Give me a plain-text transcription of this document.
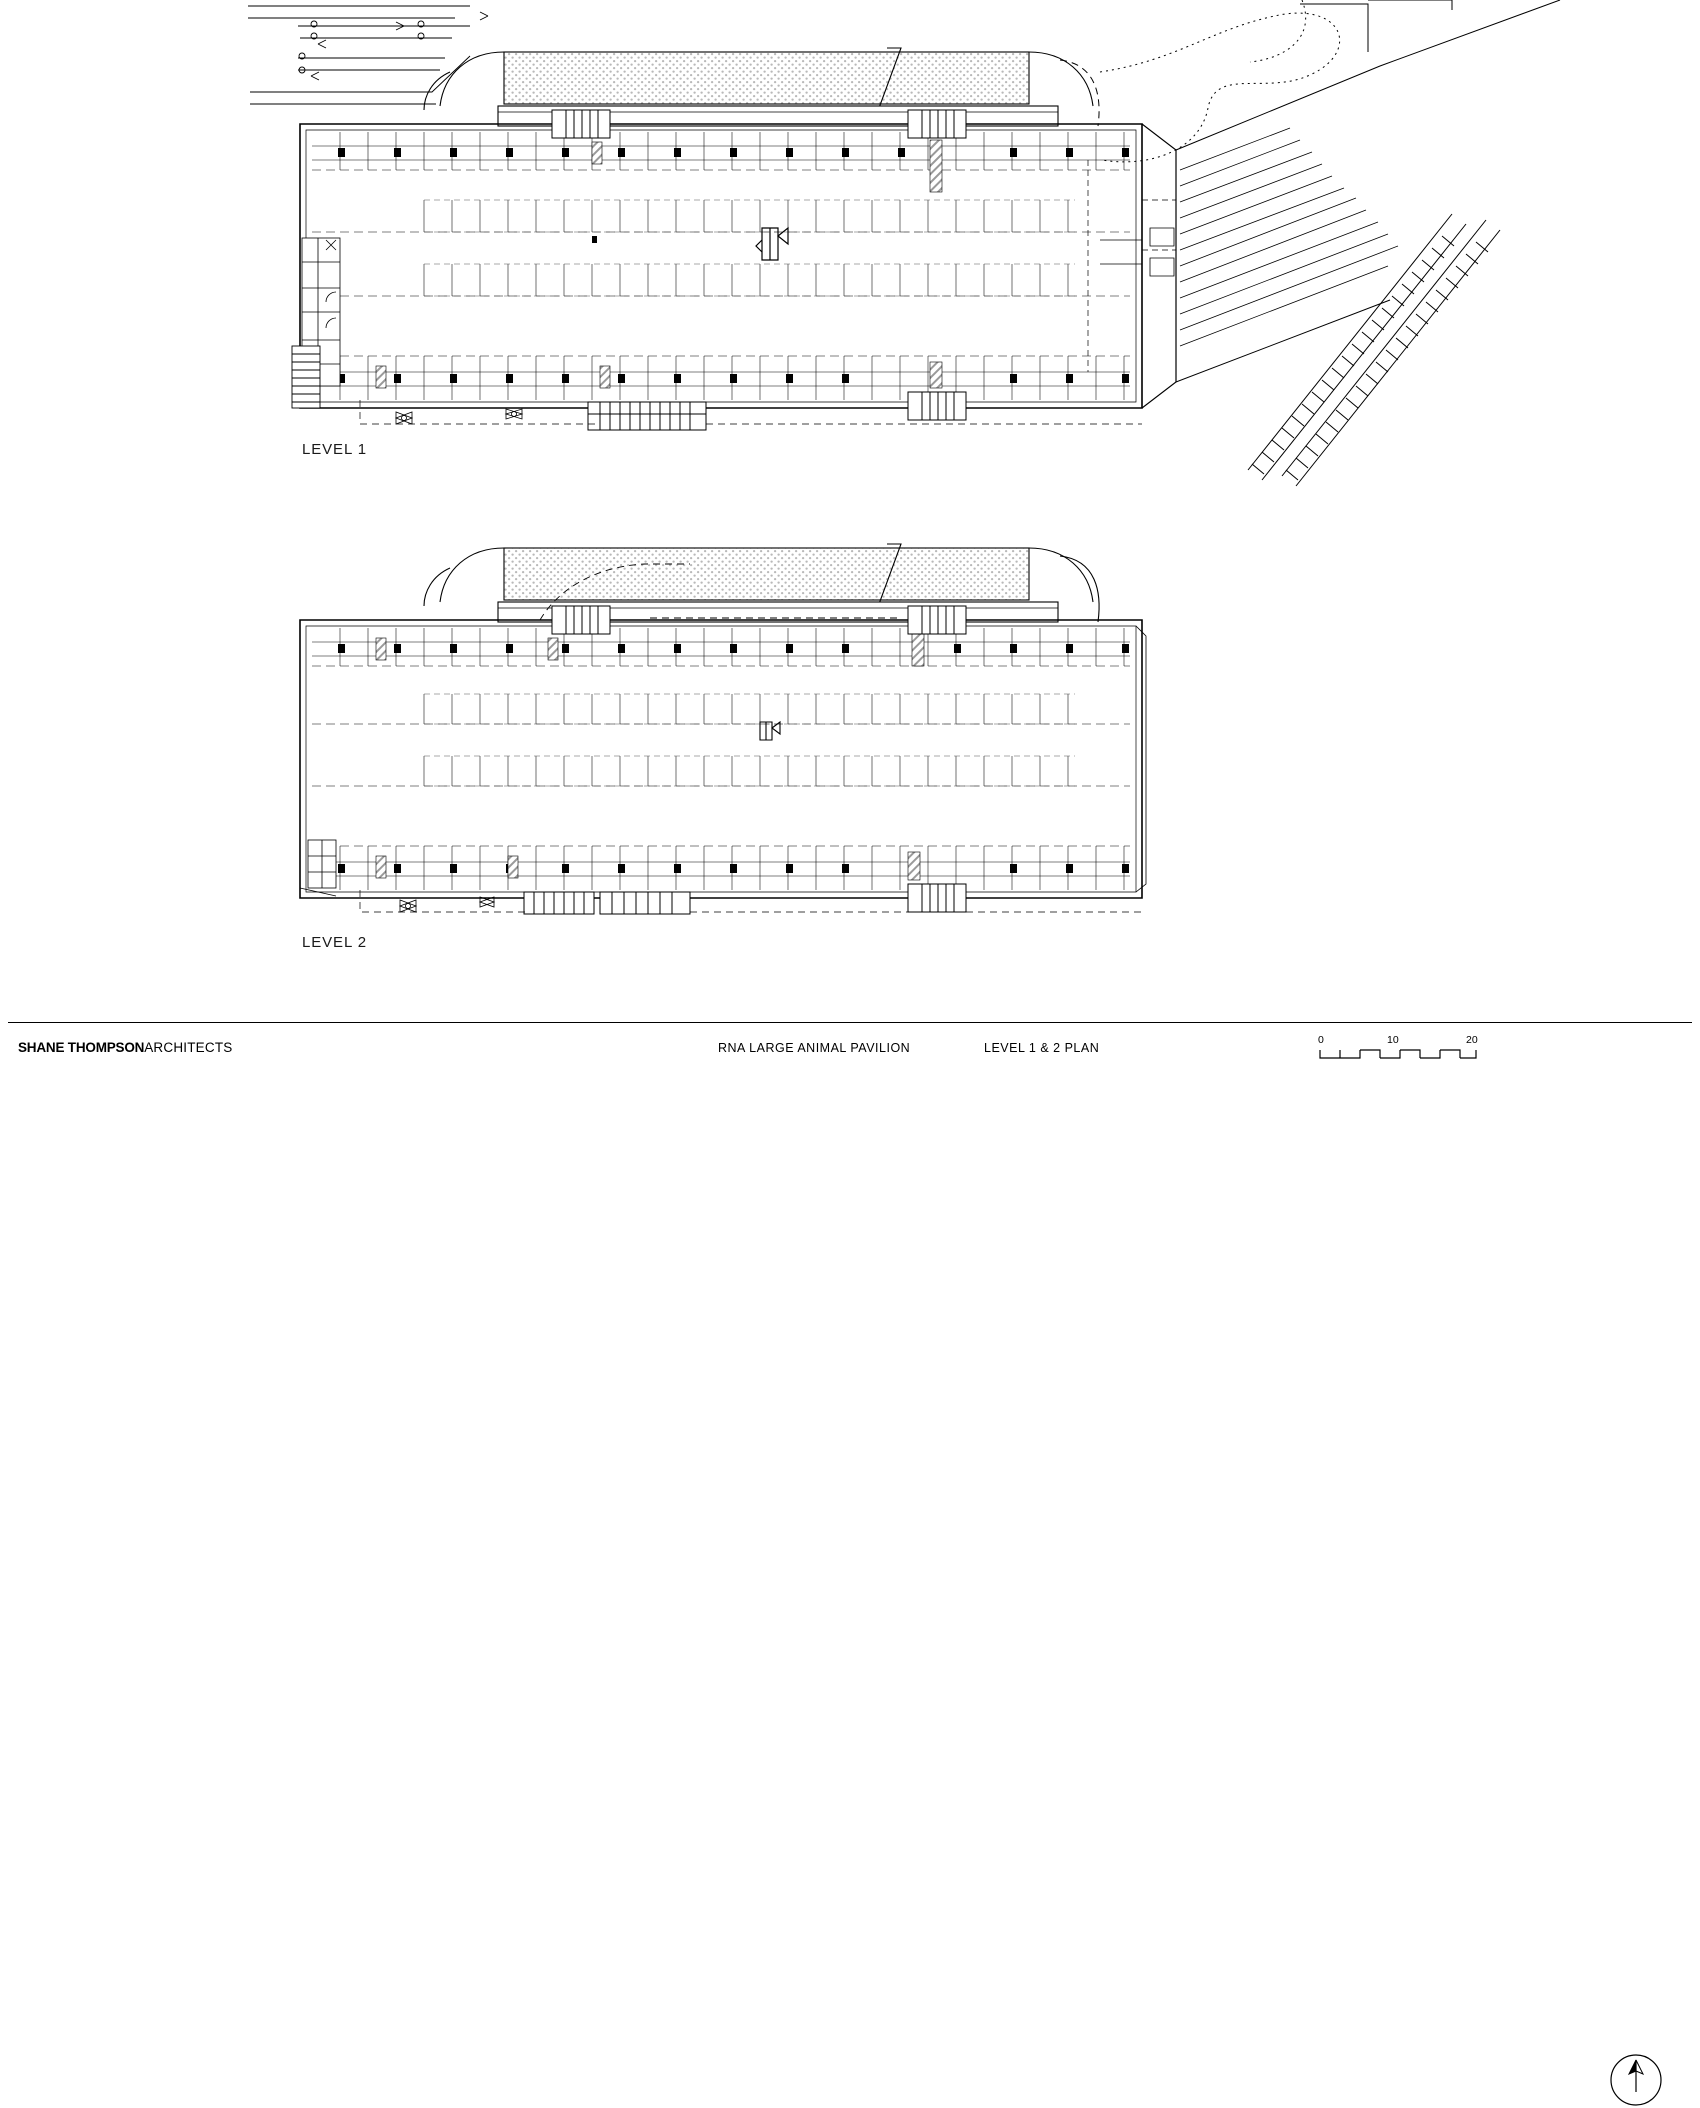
LEVEL 1
LEVEL 2
SHANE THOMPSONARCHITECTS	RNA LARGE ANIMAL PAVILION	LEVEL 1 & 2 PLAN
0	10	20
